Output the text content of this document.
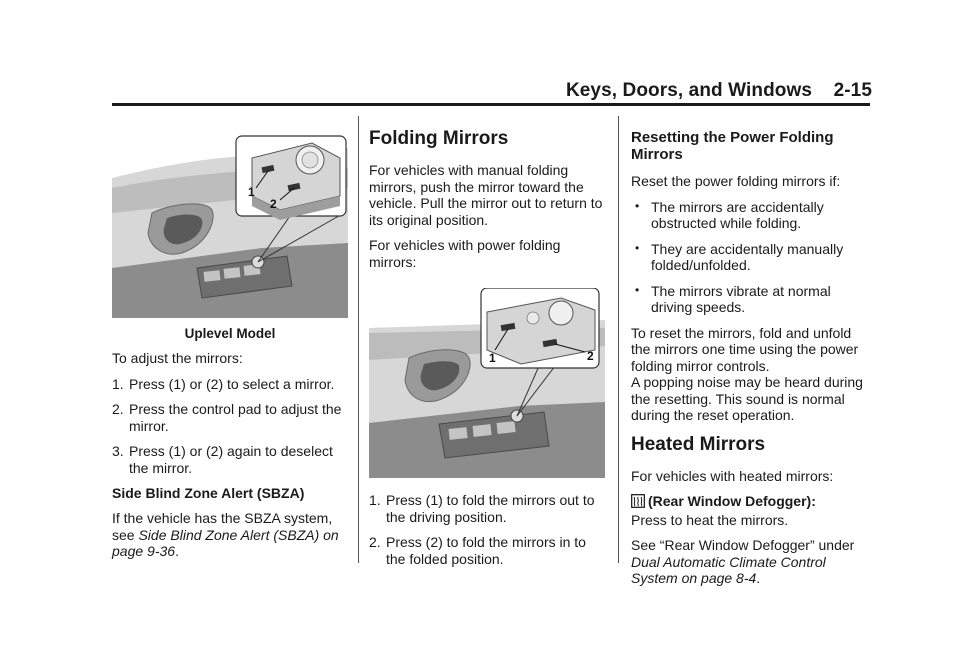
Keys, Doors, and Windows 2-15
1
2
Uplevel Model

To adjust the mirrors:

1. Press (1) or (2) to select a mirror.
2. Press the control pad to adjust the mirror.
3. Press (1) or (2) again to deselect the mirror.
Side Blind Zone Alert (SBZA)

If the vehicle has the SBZA system, see Side Blind Zone Alert (SBZA) on page 9-36.

Folding Mirrors

For vehicles with manual folding mirrors, push the mirror toward the vehicle. Pull the mirror out to return to its original position.

For vehicles with power folding mirrors:

1	2
1. Press (1) to fold the mirrors out to the driving position.
2. Press (2) to fold the mirrors in to the folded position.
Resetting the Power Folding Mirrors

Reset the power folding mirrors if:

• The mirrors are accidentally obstructed while folding.
• They are accidentally manually folded/unfolded.
• The mirrors vibrate at normal driving speeds.

To reset the mirrors, fold and unfold the mirrors one time using the power folding mirror controls.

A popping noise may be heard during the resetting. This sound is normal during the reset operation.

Heated Mirrors

For vehicles with heated mirrors:

(Rear Window Defogger):
Press to heat the mirrors.

See “Rear Window Defogger” under
Dual Automatic Climate Control System on page 8-4.
